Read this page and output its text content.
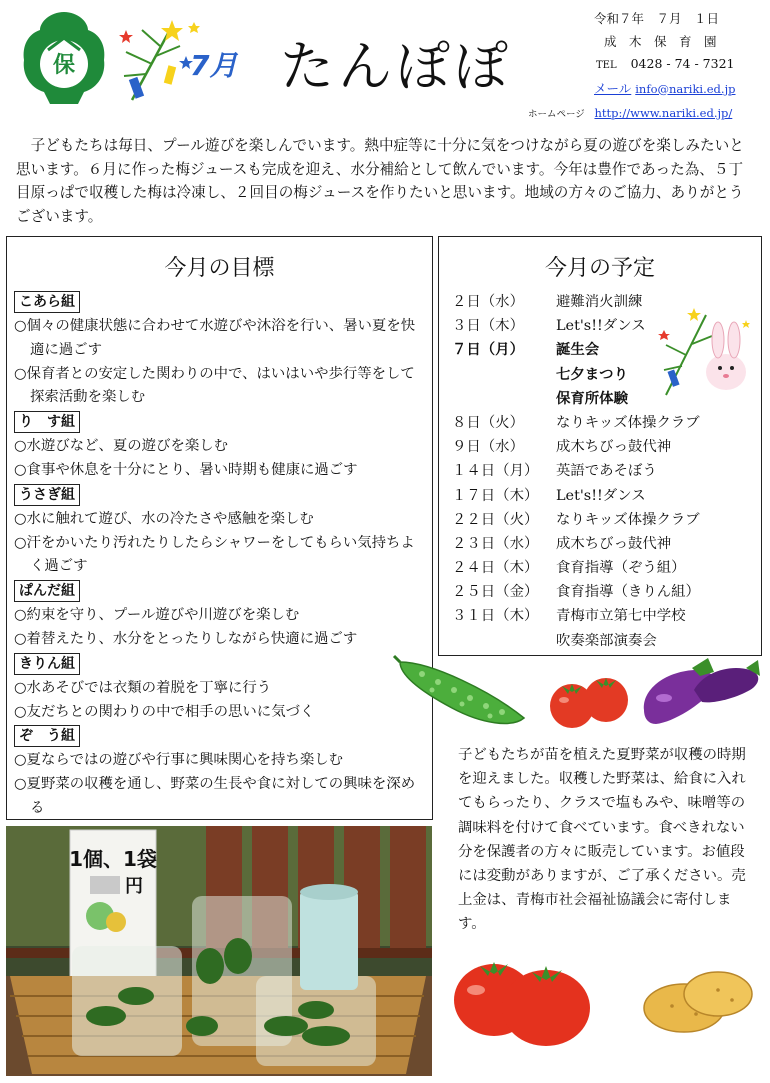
保	7月 たんぽぽ
令和７年　７月　１日
成　木　保　育　園
TEL 0428 - 74 - 7321
メール info@nariki.ed.jp
ホームページ http://www.nariki.ed.jp/
子どもたちは毎日、プール遊びを楽しんでいます。熱中症等に十分に気をつけながら夏の遊びを楽しみたいと思います。６月に作った梅ジュースも完成を迎え、水分補給として飲んでいます。今年は豊作であった為、５丁目原っぱで収穫した梅は冷凍し、２回目の梅ジュースを作りたいと思います。地域の方々のご協力、ありがとうございます。
今月の目標
こあら組
○個々の健康状態に合わせて水遊びや沐浴を行い、暑い夏を快適に過ごす
○保育者との安定した関わりの中で、はいはいや歩行等をして探索活動を楽しむ
り　す組
○水遊びなど、夏の遊びを楽しむ
○食事や休息を十分にとり、暑い時期も健康に過ごす
うさぎ組
○水に触れて遊び、水の冷たさや感触を楽しむ
○汗をかいたり汚れたりしたらシャワーをしてもらい気持ちよく過ごす
ぱんだ組
○約束を守り、プール遊びや川遊びを楽しむ
○着替えたり、水分をとったりしながら快適に過ごす
きりん組
○水あそびでは衣類の着脱を丁寧に行う
○友だちとの関わりの中で相手の思いに気づく
ぞ　う組
○夏ならではの遊びや行事に興味関心を持ち楽しむ
○夏野菜の収穫を通し、野菜の生長や食に対しての興味を深める
今月の予定
２日（水）	避難消火訓練
３日（木）	Let's!!ダンス
７日（月）	誕生会
七夕まつり
保育所体験
８日（火）	なりキッズ体操クラブ
９日（水）	成木ちびっ鼓代神
１４日（月）	英語であそぼう
１７日（木）	Let's!!ダンス
２２日（火）	なりキッズ体操クラブ
２３日（水）	成木ちびっ鼓代神
２４日（木）	食育指導（ぞう組）
２５日（金）	食育指導（きりん組）
３１日（木）	青梅市立第七中学校
吹奏楽部演奏会
子どもたちが苗を植えた夏野菜が収穫の時期を迎えました。収穫した野菜は、給食に入れてもらったり、クラスで塩もみや、味噌等の調味料を付けて食べています。食べきれない分を保護者の方々に販売しています。お値段には変動がありますが、ご了承ください。売上金は、青梅市社会福祉協議会に寄付します。
1個、1袋
円
